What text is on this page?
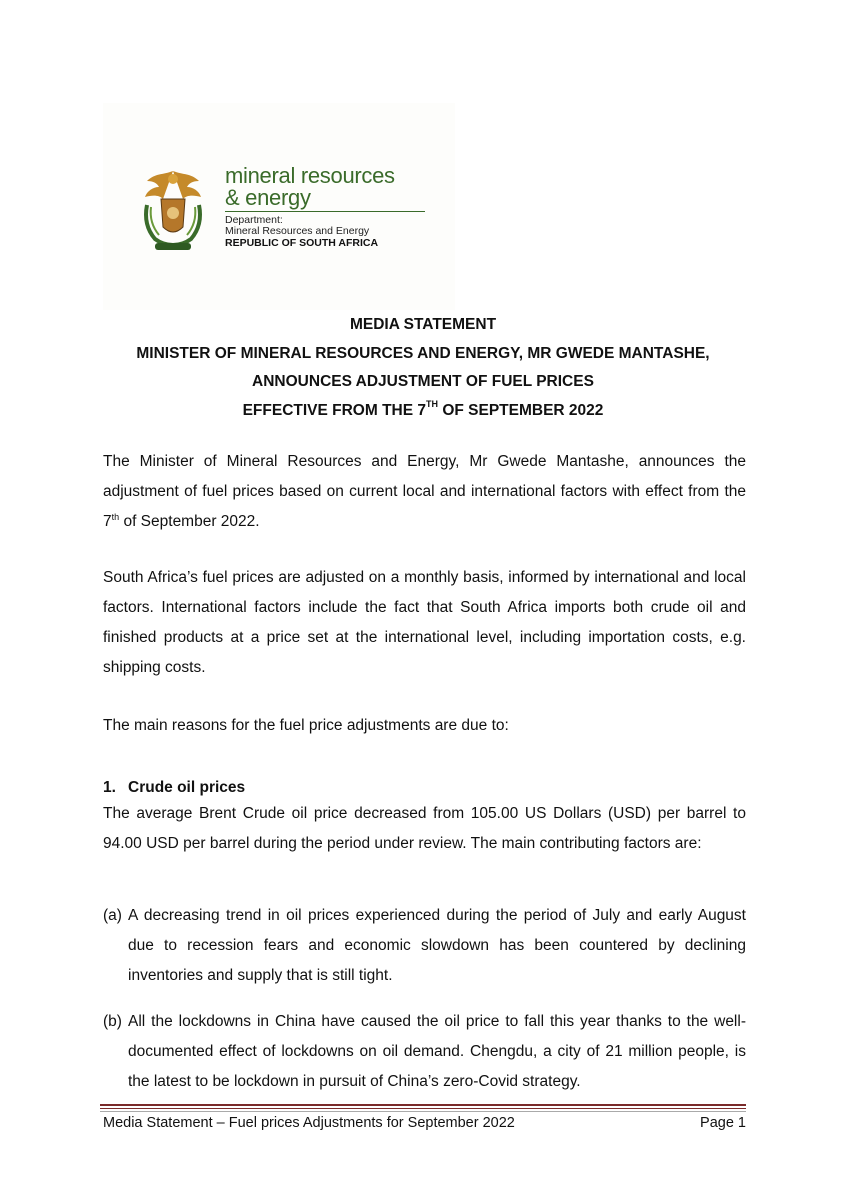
mineral resources
& energy
Department:
Mineral Resources and Energy
REPUBLIC OF SOUTH AFRICA
MEDIA STATEMENT
MINISTER OF MINERAL RESOURCES AND ENERGY, MR GWEDE MANTASHE,
ANNOUNCES ADJUSTMENT OF FUEL PRICES
EFFECTIVE FROM THE 7TH OF SEPTEMBER 2022

The Minister of Mineral Resources and Energy, Mr Gwede Mantashe, announces the adjustment of fuel prices based on current local and international factors with effect from the 7th of September 2022.

South Africa’s fuel prices are adjusted on a monthly basis, informed by international and local factors. International factors include the fact that South Africa imports both crude oil and finished products at a price set at the international level, including importation costs, e.g. shipping costs.

The main reasons for the fuel price adjustments are due to:

1. Crude oil prices

The average Brent Crude oil price decreased from 105.00 US Dollars (USD) per barrel to 94.00 USD per barrel during the period under review. The main contributing factors are:

(a) A decreasing trend in oil prices experienced during the period of July and early August due to recession fears and economic slowdown has been countered by declining inventories and supply that is still tight.
(b) All the lockdowns in China have caused the oil price to fall this year thanks to the well-documented effect of lockdowns on oil demand. Chengdu, a city of 21 million people, is the latest to be lockdown in pursuit of China’s zero-Covid strategy.
Media Statement – Fuel prices Adjustments for September 2022	Page 1
